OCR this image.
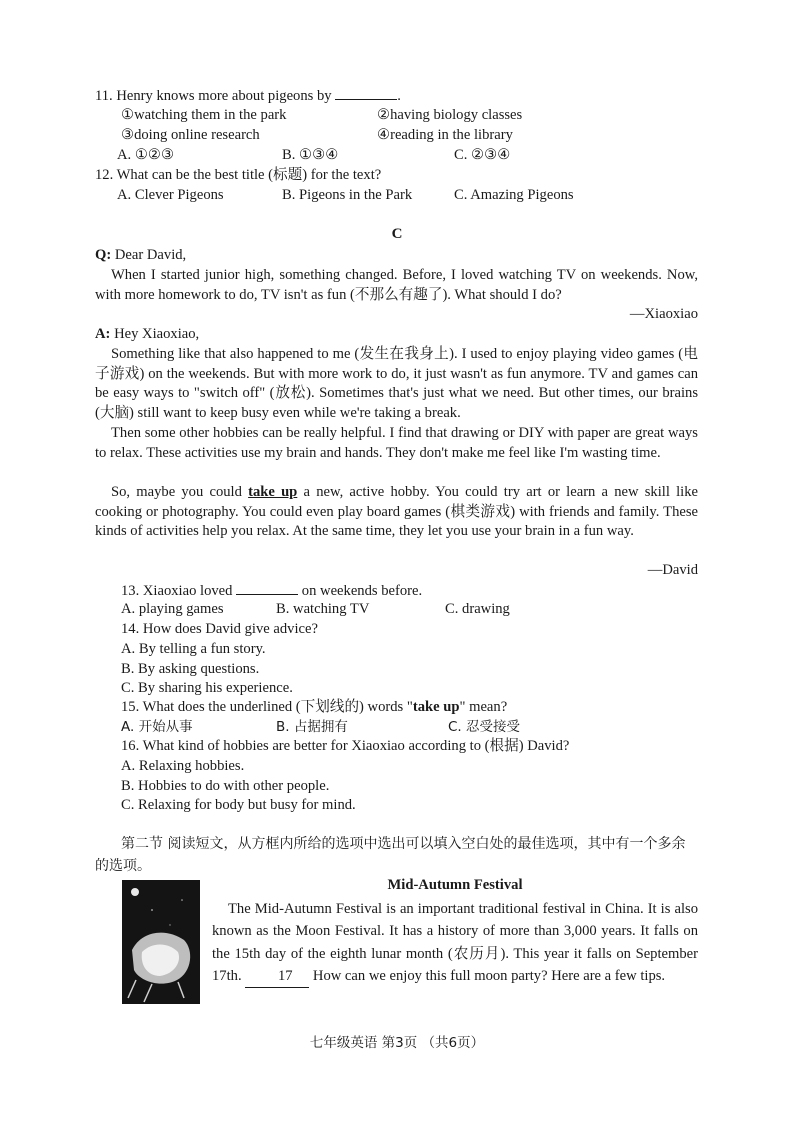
11. Henry knows more about pigeons by	.
①watching them in the park	②having biology classes
③doing online research	④reading in the library
A. ①②③	B. ①③④	C. ②③④
12. What can be the best title (标题) for the text?
A. Clever Pigeons	B. Pigeons in the Park	C. Amazing Pigeons
C
Q: Dear David,
When I started junior high, something changed. Before, I loved watching TV on weekends. Now, with more homework to do, TV isn't as fun (不那么有趣了). What should I do?
—Xiaoxiao
A: Hey Xiaoxiao,
Something like that also happened to me (发生在我身上). I used to enjoy playing video games (电子游戏) on the weekends. But with more work to do, it just wasn't as fun anymore. TV and games can be easy ways to "switch off" (放松). Sometimes that's just what we need. But other times, our brains (大脑) still want to keep busy even while we're taking a break.
Then some other hobbies can be really helpful. I find that drawing or DIY with paper are great ways to relax. These activities use my brain and hands. They don't make me feel like I'm wasting time.
So, maybe you could take up a new, active hobby. You could try art or learn a new skill like cooking or photography. You could even play board games (棋类游戏) with friends and family. These kinds of activities help you relax. At the same time, they let you use your brain in a fun way.
—David
13. Xiaoxiao loved	on weekends before.
A. playing games	B. watching TV	C. drawing
14. How does David give advice?
A. By telling a fun story.
B. By asking questions.
C. By sharing his experience.
15. What does the underlined (下划线的) words "take up" mean?
A. 开始从事	B. 占据拥有	C. 忍受接受
16. What kind of hobbies are better for Xiaoxiao according to (根据) David?
A. Relaxing hobbies.
B. Hobbies to do with other people.
C. Relaxing for body but busy for mind.
第二节 阅读短文，从方框内所给的选项中选出可以填入空白处的最佳选项，其中有一个多余的选项。
Mid-Autumn Festival
The Mid-Autumn Festival is an important traditional festival in China. It is also known as the Moon Festival. It has a history of more than 3,000 years. It falls on the 15th day of the eighth lunar month (农历月). This year it falls on September 17th. 17 How can we enjoy this full moon party? Here are a few tips.
七年级英语 第3页 （共6页）
